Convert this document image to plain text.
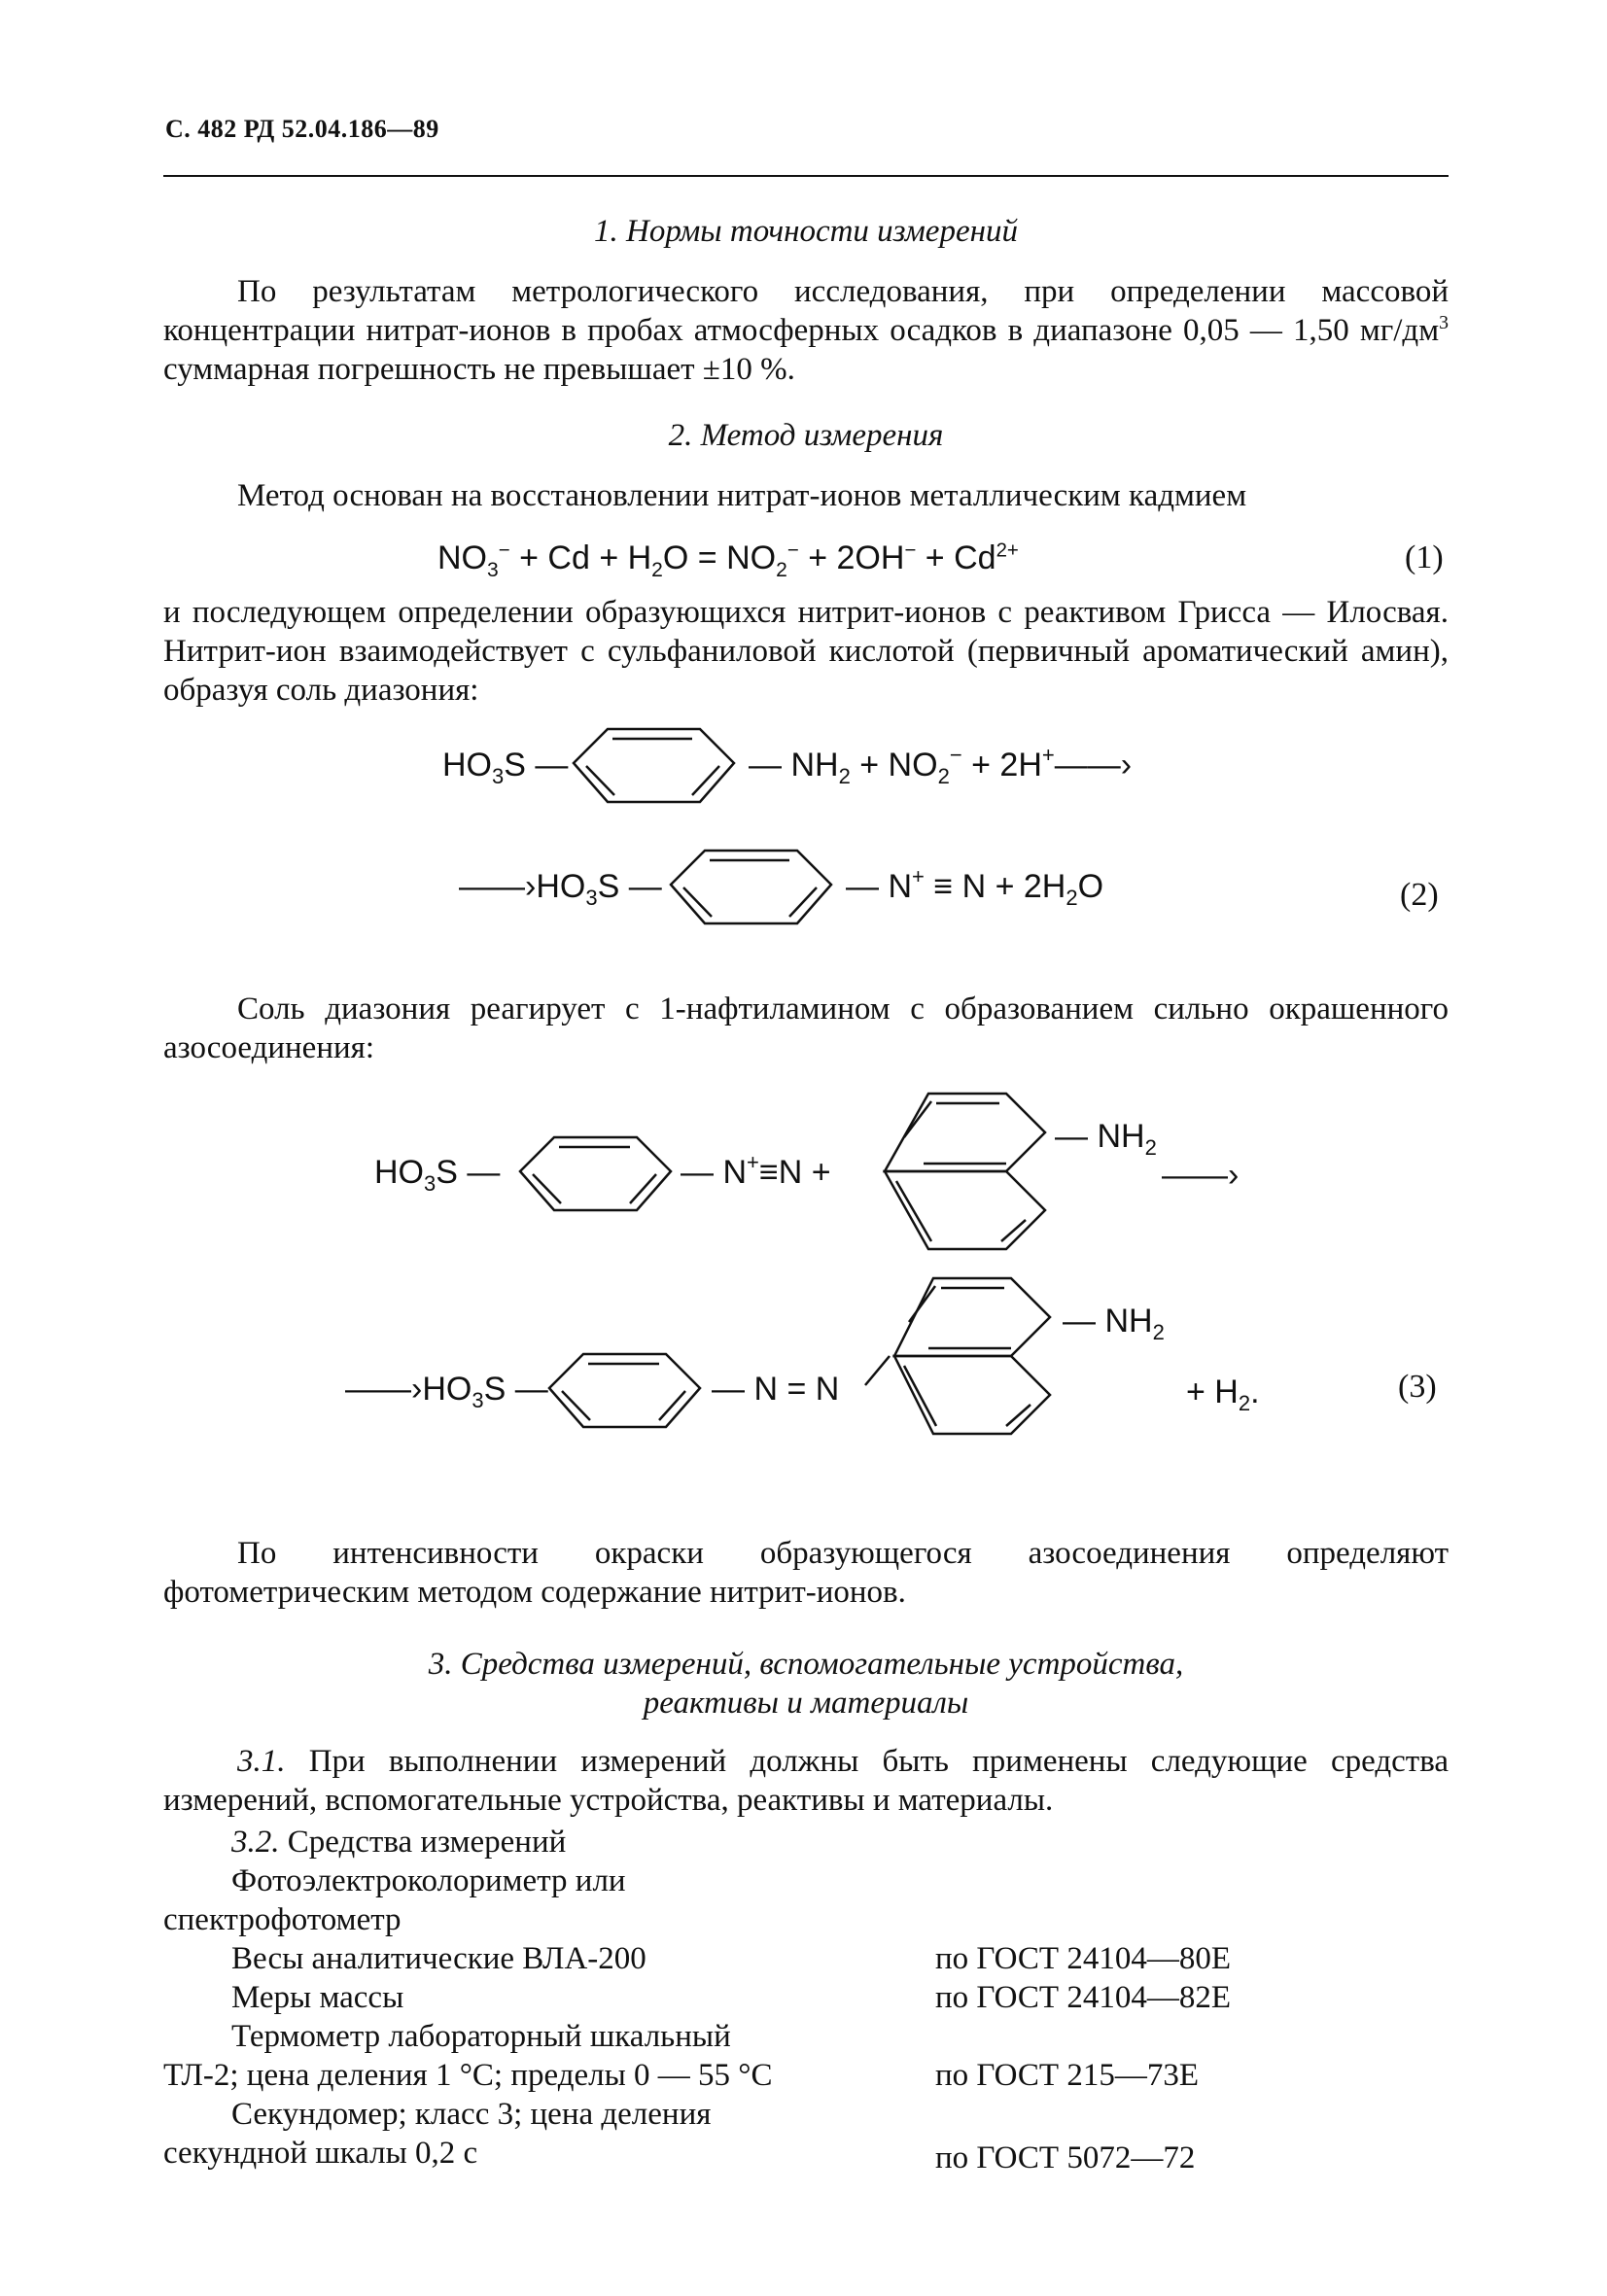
С. 482 РД 52.04.186—89
1. Нормы точности измерений
По результатам метрологического исследования, при определении массовой концентрации нитрат-ионов в пробах атмосферных осадков в диапазоне 0,05 — 1,50 $мг/дм^3$ суммарная погрешность не превышает ±10 %.
2. Метод измерения
Метод основан на восстановлении нитрат-ионов металлическим кадмием
$NO_3^- + Cd + H_2O = NO_2^- + 2OH^- + Cd^{2+}$	(1)
и последующем определении образующихся нитрит-ионов с реактивом Грисса — Илосвая. Нитрит-ион взаимодействует с сульфаниловой кислотой (первичный ароматический амин), образуя соль диазония:
$HO_3S$ —	— $NH_2 + NO_2^-$ + 2H+——›
$——›HO_3S$ —	— $N^+ \equiv N + 2H_2O$	(2)
Соль диазония реагирует с 1-нафтиламином с образованием сильно окрашенного азосоединения:
$HO_3S$ —	— N+≡N +
— $NH_2$
——›
$——›HO_3S$ —	— N = N
— $NH_2$
+ $H_2$.	(3)
По интенсивности окраски образующегося азосоединения определяют фотометрическим методом содержание нитрит-ионов.
3. Средства измерений, вспомогательные устройства,
реактивы и материалы
3.1. При выполнении измерений должны быть применены следующие средства измерений, вспомогательные устройства, реактивы и материалы.
3.2. Средства измерений
Фотоэлектроколориметр или
спектрофотометр
Весы аналитические ВЛА-200	по ГОСТ 24104—80Е
Меры массы	по ГОСТ 24104—82Е
Термометр лабораторный шкальный
ТЛ-2; цена деления 1 °С; пределы 0 — 55 °С	по ГОСТ 215—73Е
Секундомер; класс 3; цена деления
секундной шкалы 0,2 с	по ГОСТ 5072—72
